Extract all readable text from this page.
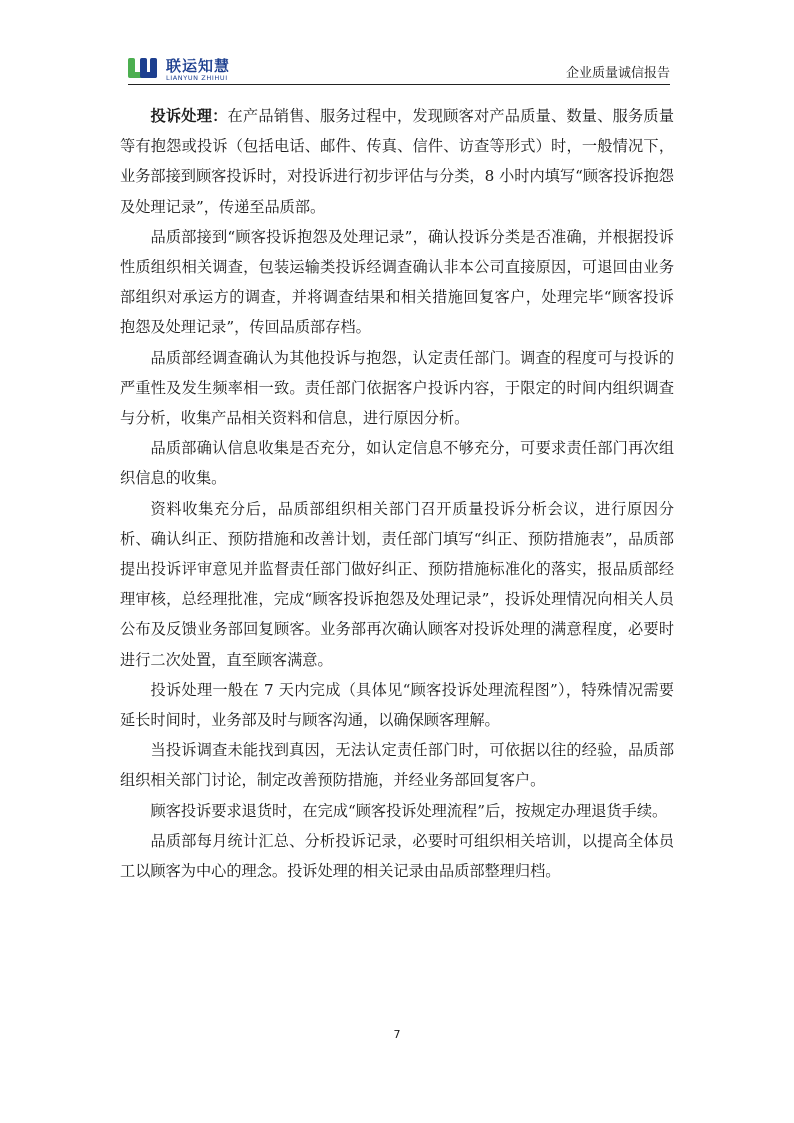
联运知慧
LIANYUN ZHIHUI	企业质量诚信报告

投诉处理：在产品销售、服务过程中，发现顾客对产品质量、数量、服务质量等有抱怨或投诉（包括电话、邮件、传真、信件、访查等形式）时，一般情况下，业务部接到顾客投诉时，对投诉进行初步评估与分类，8 小时内填写“顾客投诉抱怨及处理记录”，传递至品质部。

品质部接到“顾客投诉抱怨及处理记录”，确认投诉分类是否准确，并根据投诉性质组织相关调查，包装运输类投诉经调查确认非本公司直接原因，可退回由业务部组织对承运方的调查，并将调查结果和相关措施回复客户，处理完毕“顾客投诉抱怨及处理记录”，传回品质部存档。

品质部经调查确认为其他投诉与抱怨，认定责任部门。调查的程度可与投诉的严重性及发生频率相一致。责任部门依据客户投诉内容，于限定的时间内组织调查与分析，收集产品相关资料和信息，进行原因分析。

品质部确认信息收集是否充分，如认定信息不够充分，可要求责任部门再次组织信息的收集。

资料收集充分后，品质部组织相关部门召开质量投诉分析会议，进行原因分析、确认纠正、预防措施和改善计划，责任部门填写“纠正、预防措施表”，品质部提出投诉评审意见并监督责任部门做好纠正、预防措施标准化的落实，报品质部经理审核，总经理批准，完成“顾客投诉抱怨及处理记录”，投诉处理情况向相关人员公布及反馈业务部回复顾客。业务部再次确认顾客对投诉处理的满意程度，必要时进行二次处置，直至顾客满意。

投诉处理一般在 7 天内完成（具体见“顾客投诉处理流程图”），特殊情况需要延长时间时，业务部及时与顾客沟通，以确保顾客理解。

当投诉调查未能找到真因，无法认定责任部门时，可依据以往的经验，品质部组织相关部门讨论，制定改善预防措施，并经业务部回复客户。

顾客投诉要求退货时，在完成“顾客投诉处理流程”后，按规定办理退货手续。

品质部每月统计汇总、分析投诉记录，必要时可组织相关培训，以提高全体员工以顾客为中心的理念。投诉处理的相关记录由品质部整理归档。

7
